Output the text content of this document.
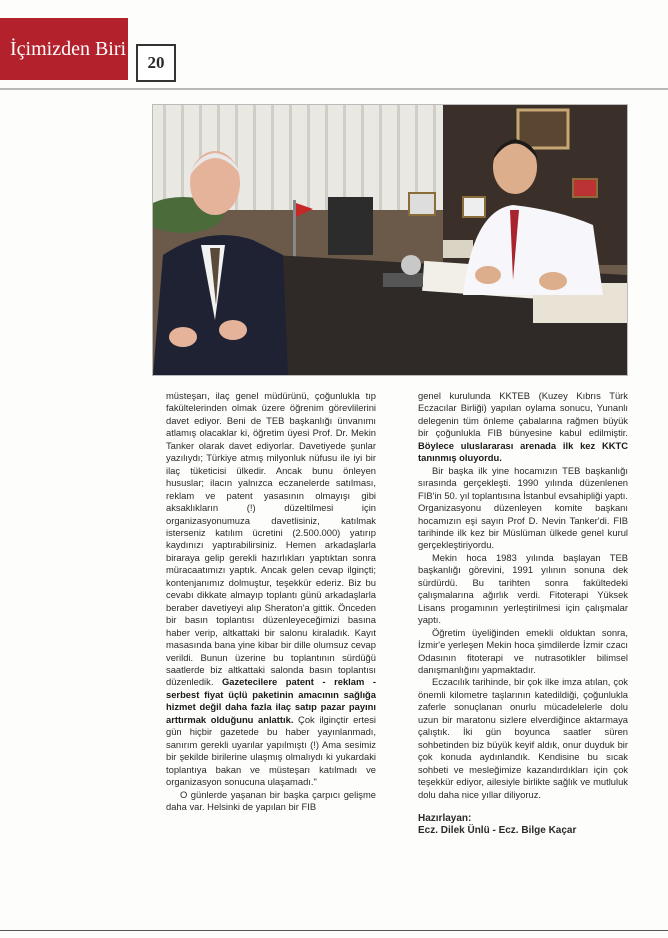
İçimizden Biri
20

müsteşarı, ilaç genel müdürünü, çoğunlukla tıp fakültelerinden olmak üzere öğrenim görevlilerini davet ediyor. Beni de TEB başkanlığı ünvanımı atlamış olacaklar ki, öğretim üyesi Prof. Dr. Mekin Tanker olarak davet ediyorlar. Davetiyede şunlar yazılıydı; Türkiye atmış milyonluk nüfusu ile iyi bir ilaç tüketicisi ülkedir. Ancak bunu önleyen hususlar; ilacın yalnızca eczanelerde satılması, reklam ve patent yasasının olmayışı gibi aksaklıkların (!) düzeltilmesi için organizasyonumuza davetlisiniz, katılmak isterseniz katılım ücretini (2.500.000) yatırıp kaydınızı yaptırabilirsiniz. Hemen arkadaşlarla biraraya gelip gerekli hazırlıkları yaptıktan sonra müracaatımızı yaptık. Ancak gelen cevap ilginçti; kontenjanımız dolmuştur, teşekkür ederiz. Biz bu cevabı dikkate almayıp toplantı günü arkadaşlarla beraber davetiyeyi alıp Sheraton'a gittik. Önceden bir basın toplantısı düzenleyeceğimizi basına haber verip, altkattaki bir salonu kiraladık. Kayıt masasında bana yine kibar bir dille olumsuz cevap verildi. Bunun üzerine bu toplantının sürdüğü saatlerde biz altkattaki salonda basın toplantısı düzenledik. Gazetecilere patent - reklam - serbest fiyat üçlü paketinin amacının sağlığa hizmet değil daha fazla ilaç satıp pazar payını arttırmak olduğunu anlattık. Çok ilginçtir ertesi gün hiçbir gazetede bu haber yayınlanmadı, sanırım gerekli uyarılar yapılmıştı (!) Ama sesimiz bir şekilde birilerine ulaşmış olmalıydı ki yukardaki toplantıya bakan ve müsteşarı katılmadı ve organizasyon sonucuna ulaşamadı."

O günlerde yaşanan bir başka çarpıcı gelişme daha var. Helsinki de yapılan bir FIB

genel kurulunda KKTEB (Kuzey Kıbrıs Türk Eczacılar Birliği) yapılan oylama sonucu, Yunanlı delegenin tüm önleme çabalarına rağmen büyük bir çoğunlukla FIB bünyesine kabul edilmiştir. Böylece uluslararası arenada ilk kez KKTC tanınmış oluyordu.

Bir başka ilk yine hocamızın TEB başkanlığı sırasında gerçekleşti. 1990 yılında düzenlenen FIB'in 50. yıl toplantısına İstanbul evsahipliği yaptı. Organizasyonu düzenleyen komite başkanı hocamızın eşi sayın Prof D. Nevin Tanker'di. FIB tarihinde ilk kez bir Müslüman ülkede genel kurul gerçekleştiriyordu.

Mekin hoca 1983 yılında başlayan TEB başkanlığı görevini, 1991 yılının sonuna dek sürdürdü. Bu tarihten sonra fakültedeki çalışmalarına ağırlık verdi. Fitoterapi Yüksek Lisans progamının yerleştirilmesi için çalışmalar yaptı.

Öğretim üyeliğinden emekli olduktan sonra, İzmir'e yerleşen Mekin hoca şimdilerde İzmir czacı Odasının fitoterapi ve nutrasotikler bilimsel danışmanlığını yapmaktadır.

Eczacılık tarihinde, bir çok ilke imza atılan, çok önemli kilometre taşlarının katedildiği, çoğunlukla zaferle sonuçlanan onurlu mücadelelerle dolu uzun bir maratonu sizlere elverdiğince aktarmaya çalıştık. İki gün boyunca saatler süren sohbetinden biz büyük keyif aldık, onur duyduk bir çok konuda aydınlandık. Kendisine bu sıcak sohbeti ve mesleğimize kazandırdıkları için çok teşekkür ediyor, ailesiyle birlikte sağlık ve mutluluk dolu daha nice yıllar diliyoruz.

Hazırlayan:
Ecz. Dilek Ünlü - Ecz. Bilge Kaçar
